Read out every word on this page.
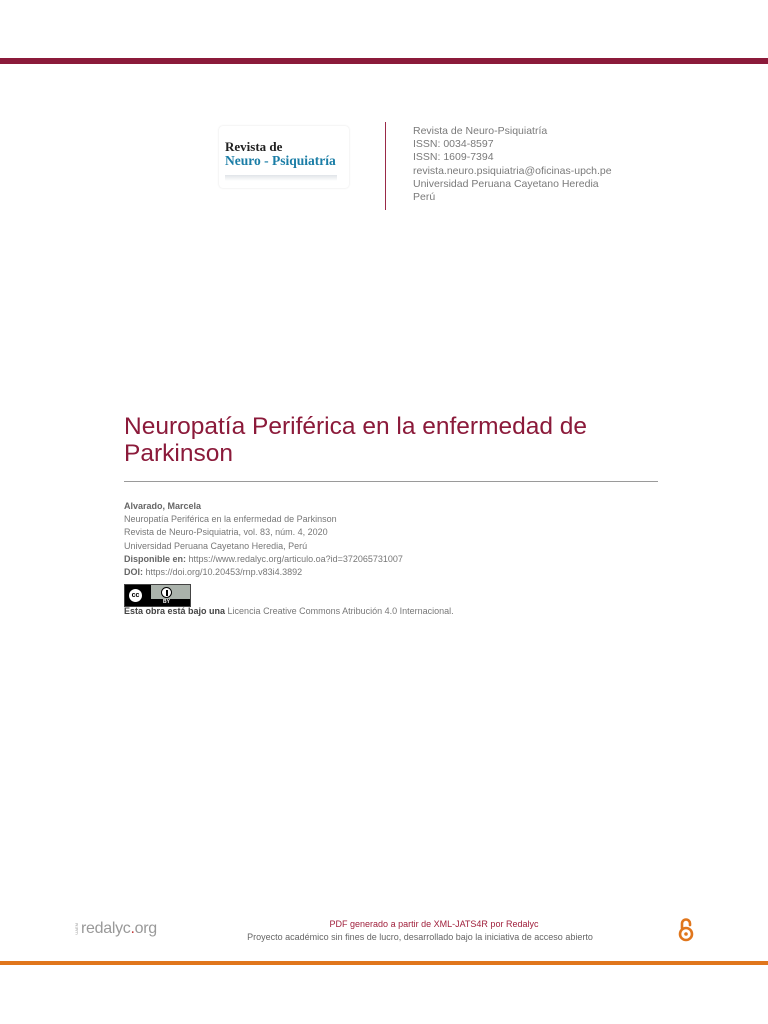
Revista de
Neuro - Psiquiatría
Revista de Neuro-Psiquiatría
ISSN: 0034-8597
ISSN: 1609-7394
revista.neuro.psiquiatria@oficinas-upch.pe
Universidad Peruana Cayetano Heredia
Perú
Neuropatía Periférica en la enfermedad de Parkinson
Alvarado, Marcela
Neuropatía Periférica en la enfermedad de Parkinson
Revista de Neuro-Psiquiatria, vol. 83, núm. 4, 2020
Universidad Peruana Cayetano Heredia, Perú
Disponible en: https://www.redalyc.org/articulo.oa?id=372065731007
DOI: https://doi.org/10.20453/rnp.v83i4.3892
cc
BY
Esta obra está bajo una Licencia Creative Commons Atribución 4.0 Internacional.
UAEM redalyc.org	PDF generado a partir de XML-JATS4R por Redalyc
Proyecto académico sin fines de lucro, desarrollado bajo la iniciativa de acceso abierto
